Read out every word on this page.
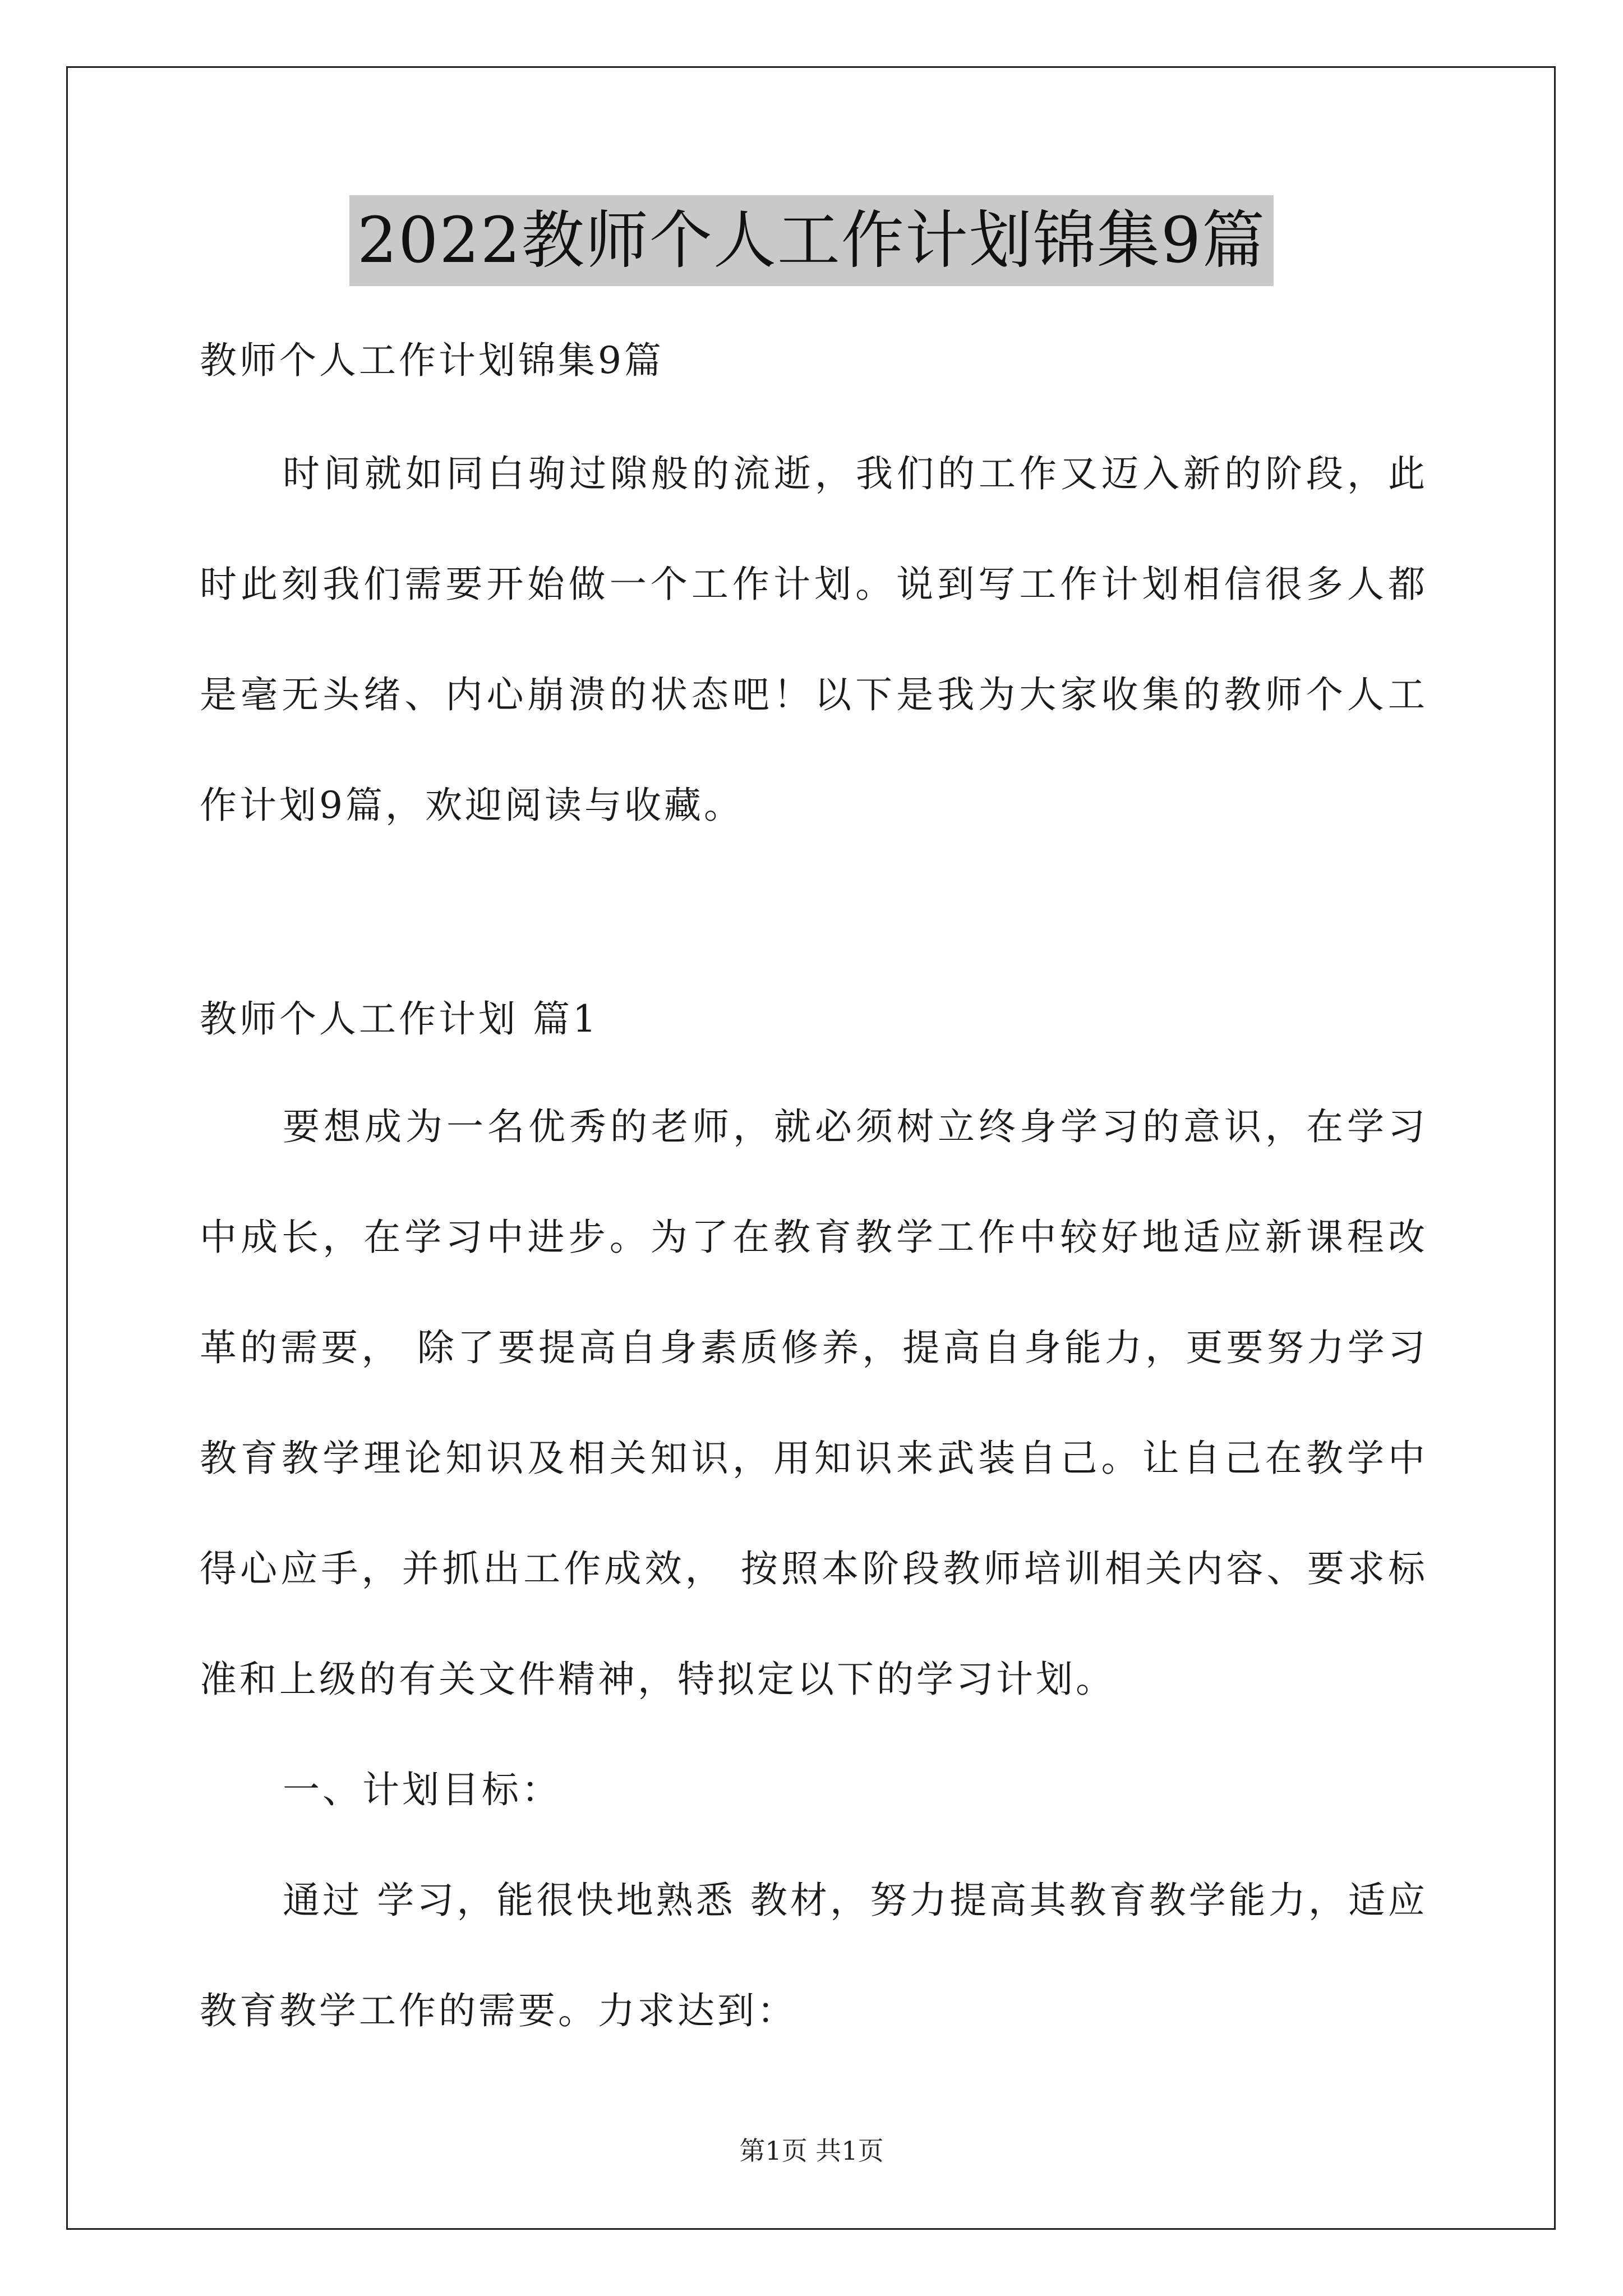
2022教师个人工作计划锦集9篇
教师个人工作计划锦集9篇

时间就如同白驹过隙般的流逝，我们的工作又迈入新的阶段，此时此刻我们需要开始做一个工作计划。说到写工作计划相信很多人都是毫无头绪、内心崩溃的状态吧！以下是我为大家收集的教师个人工作计划9篇，欢迎阅读与收藏。

教师个人工作计划 篇1

要想成为一名优秀的老师，就必须树立终身学习的意识，在学习中成长，在学习中进步。为了在教育教学工作中较好地适应新课程改革的需要， 除了要提高自身素质修养，提高自身能力，更要努力学习教育教学理论知识及相关知识，用知识来武装自己。让自己在教学中得心应手，并抓出工作成效， 按照本阶段教师培训相关内容、要求标准和上级的有关文件精神，特拟定以下的学习计划。

一、计划目标：

通过 学习，能很快地熟悉 教材，努力提高其教育教学能力，适应教育教学工作的需要。力求达到：

第1页 共1页
